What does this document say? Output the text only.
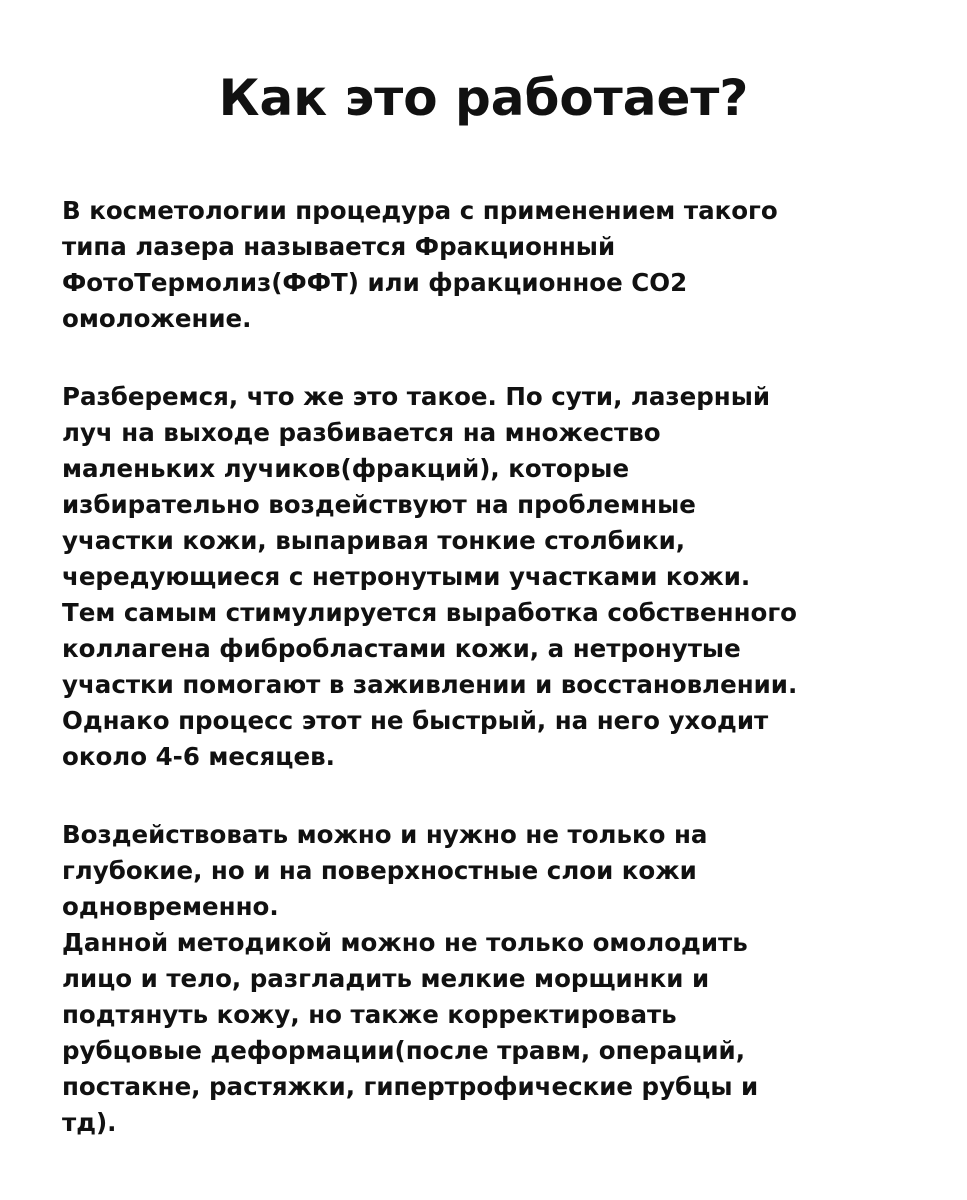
Как это работает?

В косметологии процедура с применением такого
типа лазера называется Фракционный
ФотоТермолиз(ФФТ) или фракционное CO2
омоложение.

Разберемся, что же это такое. По сути, лазерный
луч на выходе разбивается на множество
маленьких лучиков(фракций), которые
избирательно воздействуют на проблемные
участки кожи, выпаривая тонкие столбики,
чередующиеся с нетронутыми участками кожи.
Тем самым стимулируется выработка собственного
коллагена фибробластами кожи, а нетронутые
участки помогают в заживлении и восстановлении.
Однако процесс этот не быстрый, на него уходит
около 4-6 месяцев.

Воздействовать можно и нужно не только на
глубокие, но и на поверхностные слои кожи
одновременно.
Данной методикой можно не только омолодить
лицо и тело, разгладить мелкие морщинки и
подтянуть кожу, но также корректировать
рубцовые деформации(после травм, операций,
постакне, растяжки, гипертрофические рубцы и
тд).
